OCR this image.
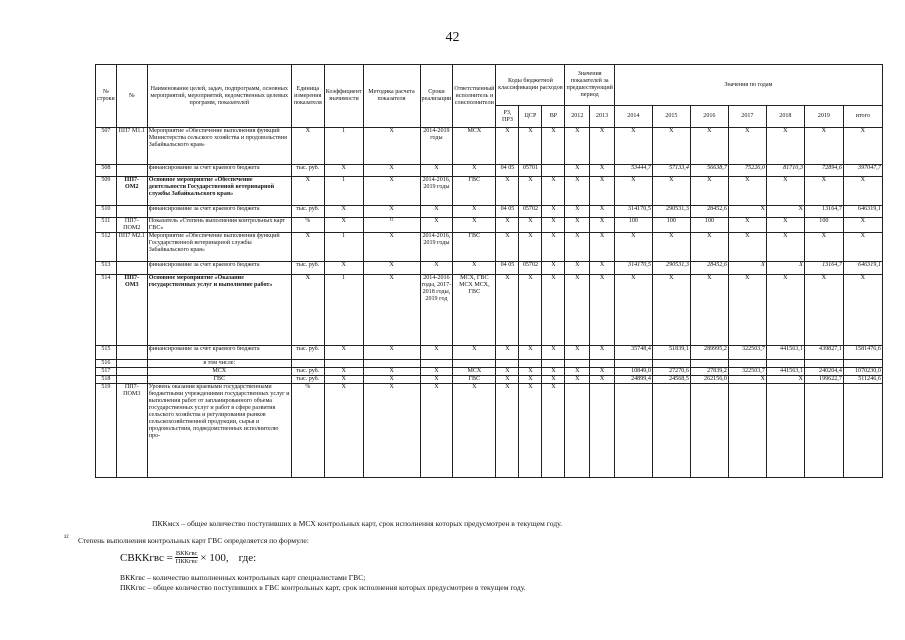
42
№ строки	№	Наименование целей, задач, подпрограмм, основных мероприятий, мероприятий, ведомственных целевых программ, показателей	Единица измерения показателя	Коэффициент значимости	Методика расчета показателя	Сроки реализации	Ответственный исполнитель и соисполнители	Коды бюджетной классификации расходов			Значения показателей за предшествующий период		Значения по годам						
								РЗ, ПРЗ	ЦСР	ВР	2012	2013	2014	2015	2016	2017	2018	2019	итого
507	ПП7 М1.1	Мероприятие «Обеспечение выполнения функций Министерства сельского хозяйства и продовольствия Забайкальского края»	Х	1	Х	2014-2019 годы	МСХ	Х	Х	Х	Х	Х	Х	Х	Х	Х	Х	Х	Х
508		финансирование за счет краевого бюджета	тыс. руб.	Х	Х	Х	Х	04 05	05701		Х	Х	53444,7	57133,4	56638,7	75226,0	81710,3	72894,6	397047,7
509	ПП7-ОМ2	Основное мероприятие «Обеспечение деятельности Государственной ветеринарной службы Забайкальского края»	Х	1	Х	2014-2016, 2019 годы	ГВС	Х	Х	Х	Х	Х	Х	Х	Х	Х	Х	Х	Х
510		финансирование за счет краевого бюджета	тыс. руб.	Х	Х	Х	Х	04 05	05702	Х	Х	Х	314170,5	290531,3	28452,6	Х	Х	13164,7	646319,1
511	ПП7-ПОМ2	Показатель «Степень выполнения контрольных карт ГВС»	%	Х	¹²	Х	Х	Х	Х	Х	Х	Х	100	100	100	Х	Х	100	Х
512	ПП7 М2.1	Мероприятие «Обеспечение выполнения функций Государственной ветеринарной службы Забайкальского края»	Х	1	Х	2014-2016, 2019 годы	ГВС	Х	Х	Х	Х	Х	Х	Х	Х	Х	Х	Х	Х
513		финансирование за счет краевого бюджета	тыс. руб.	Х	Х	Х	Х	04 05	05702	Х	Х	Х	314170,5	290531,3	28452,6	Х	Х	13164,7	646319,1
514	ПП7-ОМ3	Основное мероприятие «Оказание государственных услуг и выполнение работ»	Х	1	Х	2014-2016 годы, 2017-2018 годы, 2019 год	МСХ, ГВС МСХ МСХ, ГВС	Х	Х	Х	Х	Х	Х	Х	Х	Х	Х	Х	Х
515		финансирование за счет краевого бюджета	тыс. руб.	Х	Х	Х	Х	Х	Х	Х	Х	Х	35748,4	51839,1	289995,2	322503,7	441563,1	439827,1	1581476,6
516		в том числе:																	
517		МСХ	тыс. руб.	Х	Х	Х	МСХ	Х	Х	Х	Х	Х	10849,0	27270,6	27839,2	322503,7	441563,1	240204,4	1070230,0
518		ГВС	тыс. руб.	Х	Х	Х	ГВС	Х	Х	Х	Х	Х	24899,4	24568,5	262156,0	Х	Х	199622,7	511246,6
519	ПП7-ПОМ3	Уровень оказания краевыми государственными бюджетными учреждениями государственных услуг и выполнения работ от запланированного объема государственных услуг и работ в сфере развития сельского хозяйства и регулирования рынков сельскохозяйственной продукции, сырья и продовольствия, подведомственных исполнителю про-	%	Х	Х	Х	Х	Х	Х	Х									
ПККмсх – общее количество поступивших в МСХ контрольных карт, срок исполнения которых предусмотрен в текущем году.
¹² Степень выполнения контрольных карт ГВС определяется по формуле:
СВККгвс = $\frac{\text{ВККгвс}}{\text{ПККгвс}} \times 100$, где:
ВККгвс – количество выполненных контрольных карт специалистами ГВС;
ПККгвс – общее количество поступивших в ГВС контрольных карт, срок исполнения которых предусмотрен в текущем году.
